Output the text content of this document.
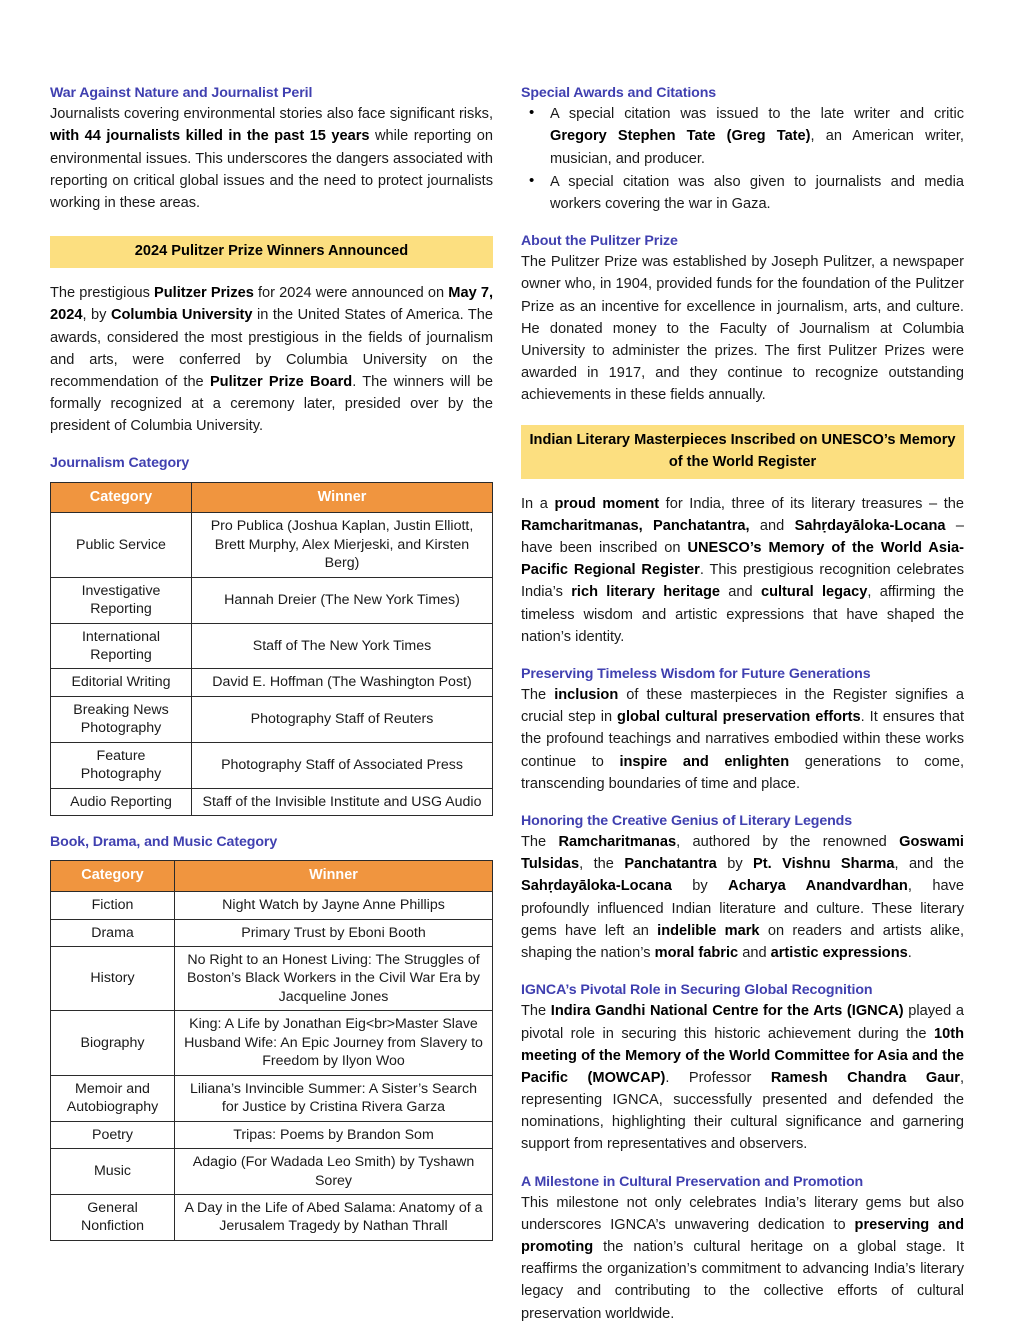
War Against Nature and Journalist Peril

Journalists covering environmental stories also face significant risks, with 44 journalists killed in the past 15 years while reporting on environmental issues. This underscores the dangers associated with reporting on critical global issues and the need to protect journalists working in these areas.

2024 Pulitzer Prize Winners Announced

The prestigious Pulitzer Prizes for 2024 were announced on May 7, 2024, by Columbia University in the United States of America. The awards, considered the most prestigious in the fields of journalism and arts, were conferred by Columbia University on the recommendation of the Pulitzer Prize Board. The winners will be formally recognized at a ceremony later, presided over by the president of Columbia University.

Journalism Category
Category	Winner
Public Service	Pro Publica (Joshua Kaplan, Justin Elliott, Brett Murphy, Alex Mierjeski, and Kirsten Berg)
Investigative Reporting	Hannah Dreier (The New York Times)
International Reporting	Staff of The New York Times
Editorial Writing	David E. Hoffman (The Washington Post)
Breaking News Photography	Photography Staff of Reuters
Feature Photography	Photography Staff of Associated Press
Audio Reporting	Staff of the Invisible Institute and USG Audio
Book, Drama, and Music Category
Category	Winner
Fiction	Night Watch by Jayne Anne Phillips
Drama	Primary Trust by Eboni Booth
History	No Right to an Honest Living: The Struggles of Boston’s Black Workers in the Civil War Era by Jacqueline Jones
Biography	King: A Life by Jonathan Eig<br>Master Slave Husband Wife: An Epic Journey from Slavery to Freedom by Ilyon Woo
Memoir and Autobiography	Liliana’s Invincible Summer: A Sister’s Search for Justice by Cristina Rivera Garza
Poetry	Tripas: Poems by Brandon Som
Music	Adagio (For Wadada Leo Smith) by Tyshawn Sorey
General Nonfiction	A Day in the Life of Abed Salama: Anatomy of a Jerusalem Tragedy by Nathan Thrall
Special Awards and Citations
• A special citation was issued to the late writer and critic Gregory Stephen Tate (Greg Tate), an American writer, musician, and producer.
• A special citation was also given to journalists and media workers covering the war in Gaza.
About the Pulitzer Prize

The Pulitzer Prize was established by Joseph Pulitzer, a newspaper owner who, in 1904, provided funds for the foundation of the Pulitzer Prize as an incentive for excellence in journalism, arts, and culture. He donated money to the Faculty of Journalism at Columbia University to administer the prizes. The first Pulitzer Prizes were awarded in 1917, and they continue to recognize outstanding achievements in these fields annually.

Indian Literary Masterpieces Inscribed on UNESCO’s Memory of the World Register

In a proud moment for India, three of its literary treasures – the Ramcharitmanas, Panchatantra, and Sahṛdayāloka-Locana – have been inscribed on UNESCO’s Memory of the World Asia-Pacific Regional Register. This prestigious recognition celebrates India’s rich literary heritage and cultural legacy, affirming the timeless wisdom and artistic expressions that have shaped the nation’s identity.

Preserving Timeless Wisdom for Future Generations

The inclusion of these masterpieces in the Register signifies a crucial step in global cultural preservation efforts. It ensures that the profound teachings and narratives embodied within these works continue to inspire and enlighten generations to come, transcending boundaries of time and place.

Honoring the Creative Genius of Literary Legends

The Ramcharitmanas, authored by the renowned Goswami Tulsidas, the Panchatantra by Pt. Vishnu Sharma, and the Sahṛdayāloka-Locana by Acharya Anandvardhan, have profoundly influenced Indian literature and culture. These literary gems have left an indelible mark on readers and artists alike, shaping the nation’s moral fabric and artistic expressions.

IGNCA’s Pivotal Role in Securing Global Recognition

The Indira Gandhi National Centre for the Arts (IGNCA) played a pivotal role in securing this historic achievement during the 10th meeting of the Memory of the World Committee for Asia and the Pacific (MOWCAP). Professor Ramesh Chandra Gaur, representing IGNCA, successfully presented and defended the nominations, highlighting their cultural significance and garnering support from representatives and observers.

A Milestone in Cultural Preservation and Promotion

This milestone not only celebrates India’s literary gems but also underscores IGNCA’s unwavering dedication to preserving and promoting the nation’s cultural heritage on a global stage. It reaffirms the organization’s commitment to advancing India’s literary legacy and contributing to the collective efforts of cultural preservation worldwide.
